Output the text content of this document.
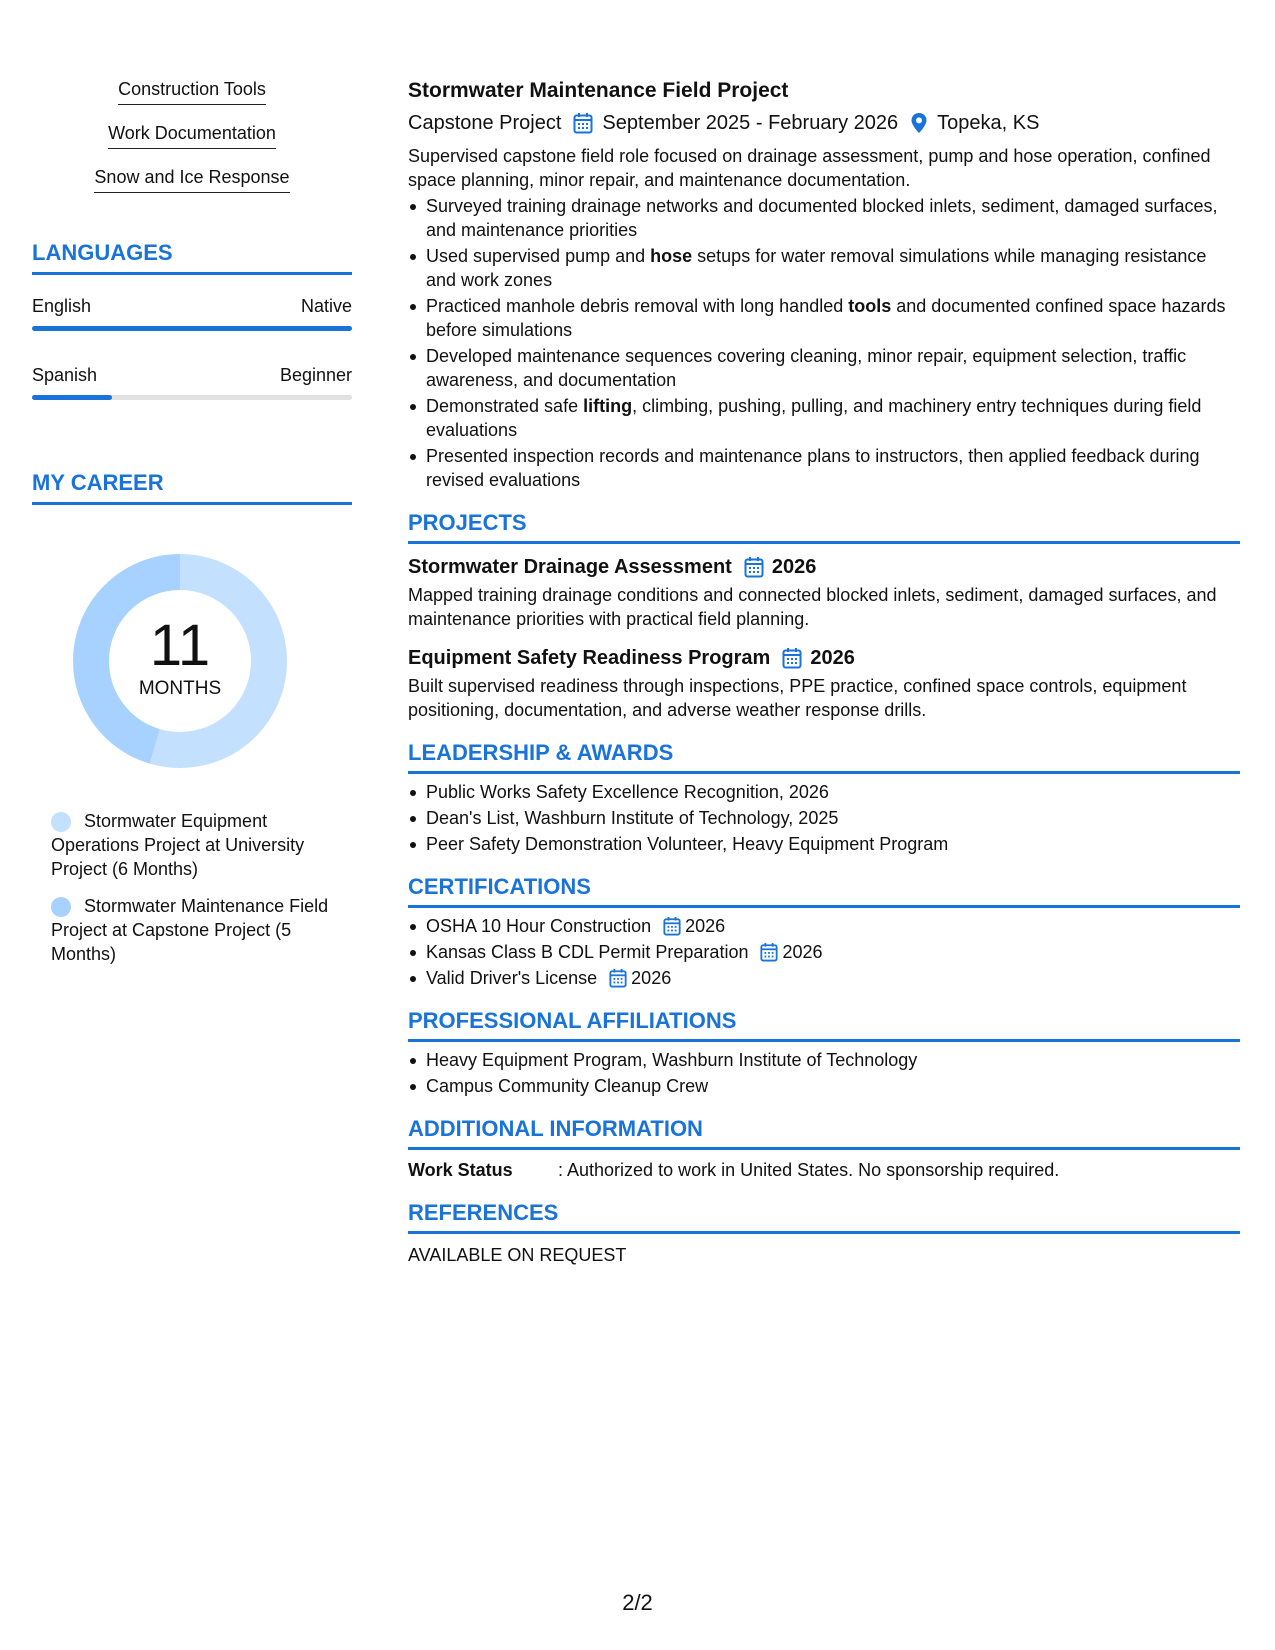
Construction Tools
Work Documentation
Snow and Ice Response
LANGUAGES
English	Native
Spanish	Beginner
MY CAREER
11
MONTHS
Stormwater Equipment Operations Project at University Project (6 Months)
Stormwater Maintenance Field Project at Capstone Project (5 Months)
Stormwater Maintenance Field Project
Capstone Project September 2025 - February 2026 Topeka, KS
Supervised capstone field role focused on drainage assessment, pump and hose operation, confined space planning, minor repair, and maintenance documentation.
Surveyed training drainage networks and documented blocked inlets, sediment, damaged surfaces, and maintenance priorities
Used supervised pump and hose setups for water removal simulations while managing resistance and work zones
Practiced manhole debris removal with long handled tools and documented confined space hazards before simulations
Developed maintenance sequences covering cleaning, minor repair, equipment selection, traffic awareness, and documentation
Demonstrated safe lifting, climbing, pushing, pulling, and machinery entry techniques during field evaluations
Presented inspection records and maintenance plans to instructors, then applied feedback during revised evaluations
PROJECTS
Stormwater Drainage Assessment 2026
Mapped training drainage conditions and connected blocked inlets, sediment, damaged surfaces, and maintenance priorities with practical field planning.
Equipment Safety Readiness Program 2026
Built supervised readiness through inspections, PPE practice, confined space controls, equipment positioning, documentation, and adverse weather response drills.
LEADERSHIP & AWARDS
Public Works Safety Excellence Recognition, 2026
Dean's List, Washburn Institute of Technology, 2025
Peer Safety Demonstration Volunteer, Heavy Equipment Program
CERTIFICATIONS
OSHA 10 Hour Construction 2026
Kansas Class B CDL Permit Preparation 2026
Valid Driver's License 2026
PROFESSIONAL AFFILIATIONS
Heavy Equipment Program, Washburn Institute of Technology
Campus Community Cleanup Crew
ADDITIONAL INFORMATION
Work Status	: Authorized to work in United States. No sponsorship required.
REFERENCES
AVAILABLE ON REQUEST
2/2
